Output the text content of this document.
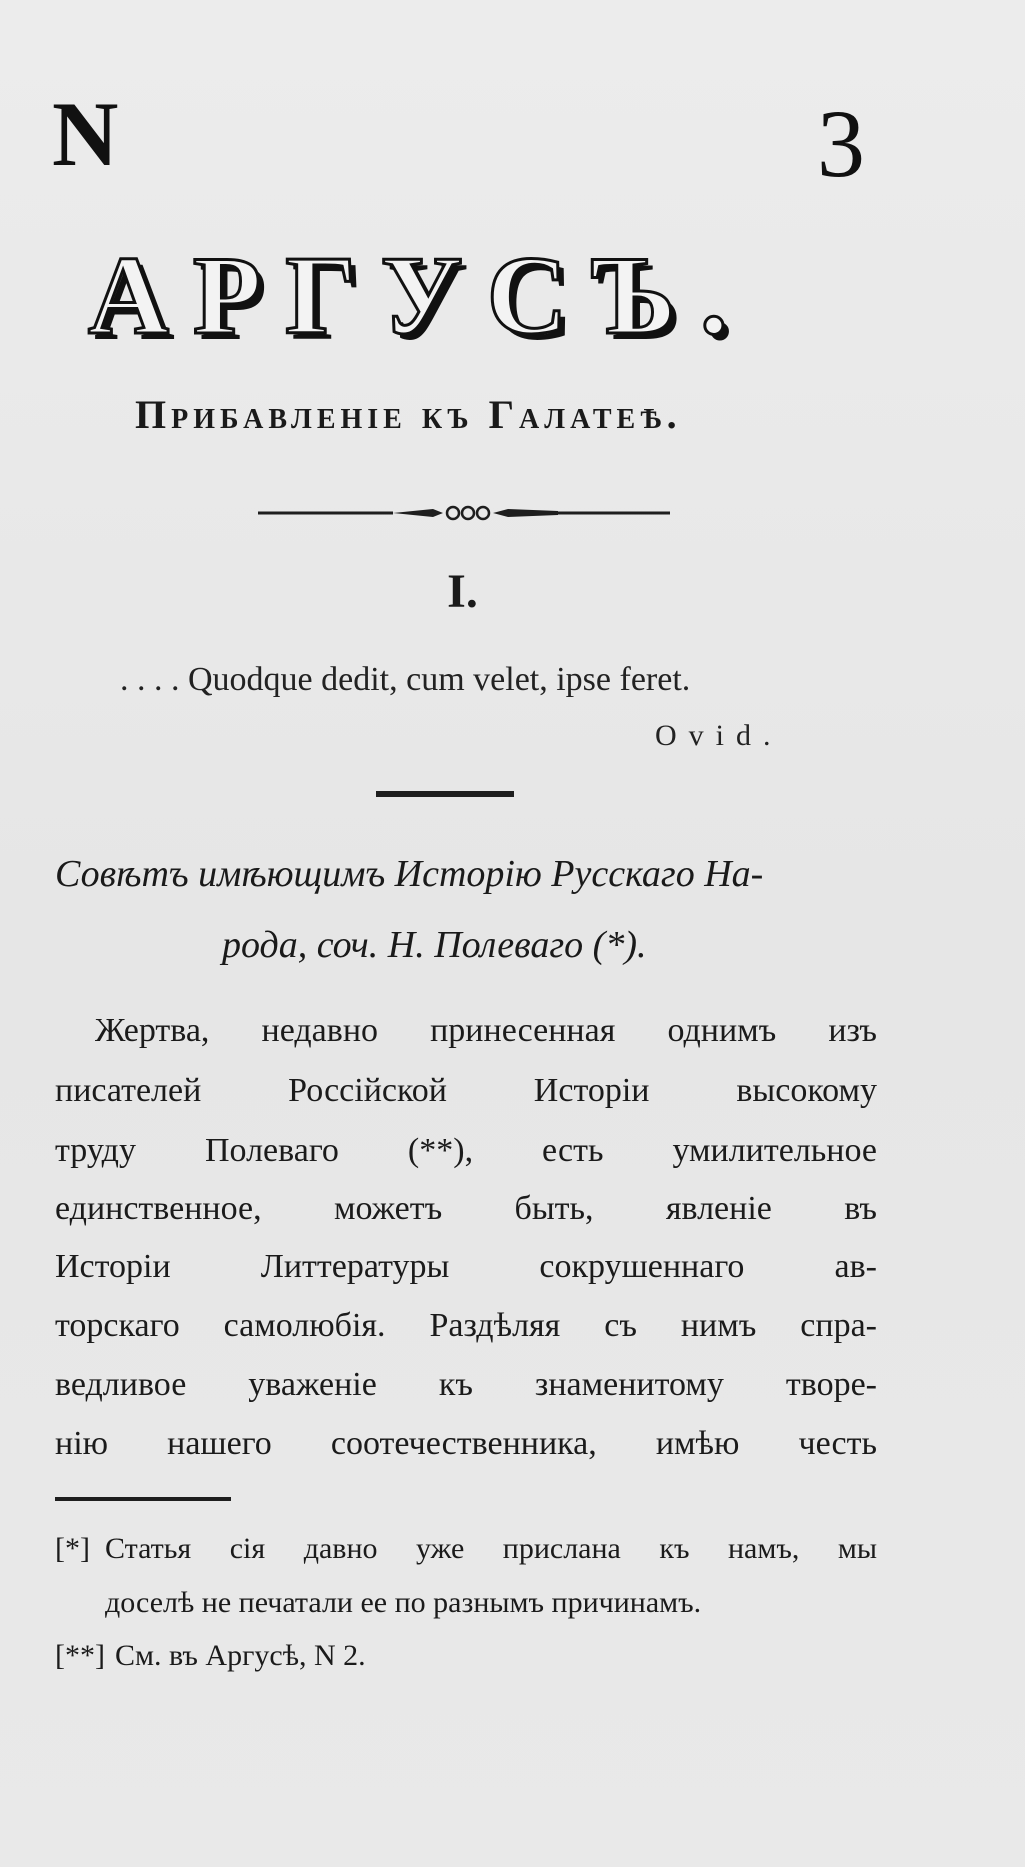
N	3
АРГУСЪ.
Прибавленіе къ Галатеѣ.
I.
. . . . Quodque dedit, cum velet, ipse feret.
Ovid.
Совѣтъ имѣющимъ Исторію Русскаго На-
рода, соч. Н. Полеваго (*).
Жертва, недавно принесенная однимъ изъ
писателей Россійской Исторіи высокому
труду Полеваго (**), есть умилительное
единственное, можетъ быть, явленіе въ
Исторіи Литтературы сокрушеннаго ав-
торскаго самолюбія. Раздѣляя съ нимъ спра-
ведливое уваженіе къ знаменитому творе-
нію нашего соотечественника, имѣю честь
[*] Статья сія давно уже прислана къ намъ, мы
доселѣ не печатали ее по разнымъ причинамъ.
[**] См. въ Аргусѣ, N 2.
